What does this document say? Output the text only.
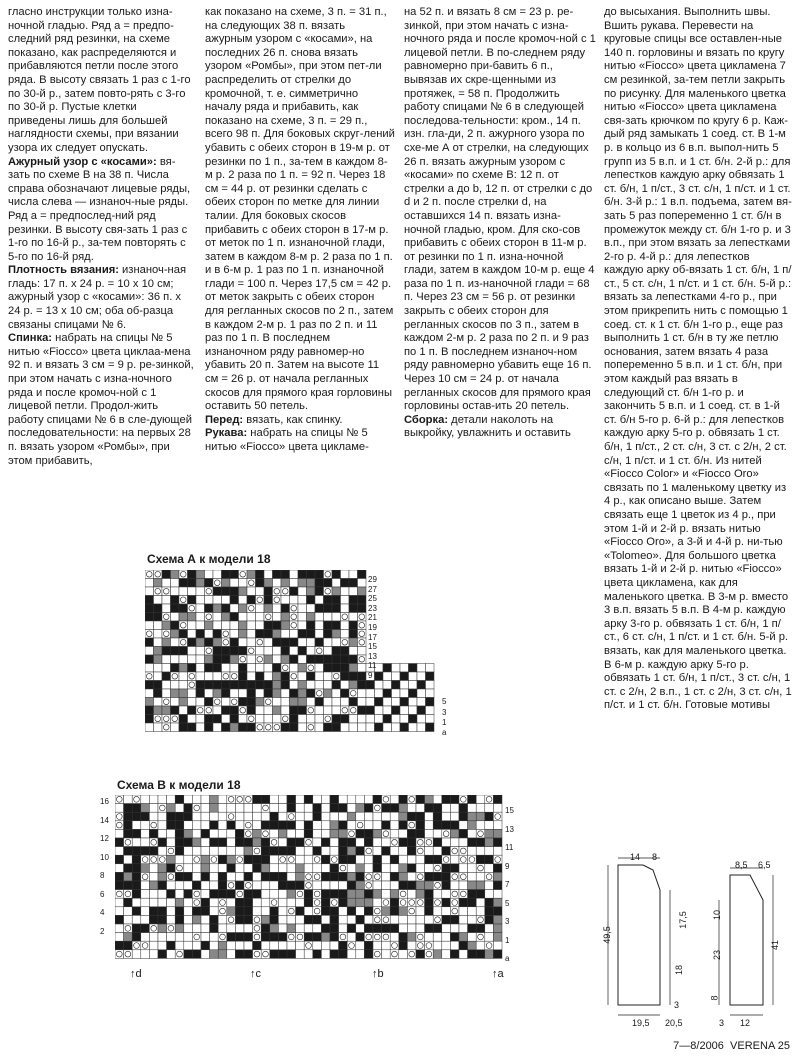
гласно инструкции только изна-ночной гладью. Ряд а = предпо-следний ряд резинки, на схеме показано, как распределяются и прибавляются петли после этого ряда. В высоту связать 1 раз с 1-го по 30-й р., затем повто-рять с 3-го по 30-й р. Пустые клетки приведены лишь для большей наглядности схемы, при вязании узора их следует опускать.

Ажурный узор с «косами»: вя-зать по схеме В на 38 п. Числа справа обозначают лицевые ряды, числа слева — изнаноч-ные ряды. Ряд а = предпослед-ний ряд резинки. В высоту свя-зать 1 раз с 1-го по 16-й р., за-тем повторять с 5-го по 16-й ряд.

Плотность вязания: изнаноч-ная гладь: 17 п. х 24 р. = 10 х 10 см; ажурный узор с «косами»: 36 п. х 24 р. = 13 х 10 см; оба об-разца связаны спицами № 6.

Спинка: набрать на спицы № 5 нитью «Fiocco» цвета циклаa-мена 92 п. и вязать 3 см = 9 р. ре-зинкой, при этом начать с изна-ночного ряда и после кромоч-ной с 1 лицевой петли. Продол-жить работу спицами № 6 в сле-дующей последовательности: на первых 28 п. вязать узором «Ромбы», при этом прибавить,

как показано на схеме, 3 п. = 31 п., на следующих 38 п. вязать ажурным узором с «косами», на последних 26 п. снова вязать узором «Ромбы», при этом пет-ли распределить от стрелки до кромочной, т. е. симметрично началу ряда и прибавить, как показано на схеме, 3 п. = 29 п., всего 98 п. Для боковых скруг-лений убавить с обеих сторон в 19-м р. от резинки по 1 п., за-тем в каждом 8-м р. 2 раза по 1 п. = 92 п. Через 18 см = 44 р. от резинки сделать с обеих сторон по метке для линии талии. Для боковых скосов прибавить с обеих сторон в 17-м р. от меток по 1 п. изнаночной глади, затем в каждом 8-м р. 2 раза по 1 п. и в 6-м р. 1 раз по 1 п. изнаночной глади = 100 п. Через 17,5 см = 42 р. от меток закрыть с обеих сторон для регланных скосов по 2 п., затем в каждом 2-м р. 1 раз по 2 п. и 11 раз по 1 п. В последнем изнаночном ряду равномер-но убавить 20 п. Затем на высоте 11 см = 26 р. от начала регланных скосов для прямого края горловины оставить 50 петель.

Перед: вязать, как спинку.

Рукава: набрать на спицы № 5 нитью «Fiocco» цвета цикламе-

на 52 п. и вязать 8 см = 23 р. ре-зинкой, при этом начать с изна-ночного ряда и после кромоч-ной с 1 лицевой петли. В по-следнем ряду равномерно при-бавить 6 п., вывязав их скре-щенными из протяжек, = 58 п. Продолжить работу спицами № 6 в следующей последова-тельности: кром., 14 п. изн. гла-ди, 2 п. ажурного узора по схе-ме А от стрелки, на следующих 26 п. вязать ажурным узором с «косами» по схеме В: 12 п. от стрелки а до b, 12 п. от стрелки с до d и 2 п. после стрелки d, на оставшихся 14 п. вязать изна-ночной гладью, кром. Для ско-сов прибавить с обеих сторон в 11-м р. от резинки по 1 п. изна-ночной глади, затем в каждом 10-м р. еще 4 раза по 1 п. из-наночной глади = 68 п. Через 23 см = 56 р. от резинки закрыть с обеих сторон для регланных скосов по 3 п., затем в каждом 2-м р. 2 раза по 2 п. и 9 раз по 1 п. В последнем изнаноч-ном ряду равномерно убавить еще 16 п. Через 10 см = 24 р. от начала регланных скосов для прямого края горловины остав-ить 20 петель.

Сборка: детали наколоть на выкройку, увлажнить и оставить

до высыхания. Выполнить швы. Вшить рукава. Перевести на круговые спицы все оставлен-ные 140 п. горловины и вязать по кругу нитью «Fiocco» цвета цикламена 7 см резинкой, за-тем петли закрыть по рисунку. Для маленького цветка нитью «Fiocco» цвета цикламена свя-зать крючком по кругу 6 р. Каж-дый ряд замыкать 1 соед. ст. В 1-м р. в кольцо из 6 в.п. выпол-нить 5 групп из 5 в.п. и 1 ст. б/н. 2-й р.: для лепестков каждую арку обвязать 1 ст. б/н, 1 п/ст., 3 ст. с/н, 1 п/ст. и 1 ст. б/н. 3-й р.: 1 в.п. подъема, затем вя-зать 5 раз попеременно 1 ст. б/н в промежуток между ст. б/н 1-го р. и 3 в.п., при этом вязать за лепестками 2-го р. 4-й р.: для лепестков каждую арку об-вязать 1 ст. б/н, 1 п/ст., 5 ст. с/н, 1 п/ст. и 1 ст. б/н. 5-й р.: вязать за лепестками 4-го р., при этом прикрепить нить с помощью 1 соед. ст. к 1 ст. б/н 1-го р., еще раз выполнить 1 ст. б/н в ту же петлю основания, затем вязать 4 раза попеременно 5 в.п. и 1 ст. б/н, при этом каждый раз вязать в следующий ст. б/н 1-го р. и закончить 5 в.п. и 1 соед. ст. в 1-й ст. б/н 5-го р. 6-й р.: для лепестков каждую арку 5-го р. обвязать 1 ст. б/н, 1 п/ст., 2 ст. с/н, 3 ст. с 2/н, 2 ст. с/н, 1 п/ст. и 1 ст. б/н. Из нитей «Fiocco Color» и «Fiocco Oro» связать по 1 маленькому цветку из 4 р., как описано выше. Затем связать еще 1 цветок из 4 р., при этом 1-й и 2-й р. вязать нитью «Fiocco Oro», а 3-й и 4-й р. ни-тью «Tolomeo». Для большого цветка вязать 1-й и 2-й р. нитью «Fiocco» цвета цикламена, как для маленького цветка. В 3-м р. вместо 3 в.п. вязать 5 в.п. В 4-м р. каждую арку 3-го р. обвязать 1 ст. б/н, 1 п/ст., 6 ст. с/н, 1 п/ст. и 1 ст. б/н. 5-й р. вязать, как для маленького цветка. В 6-м р. каждую арку 5-го р. обвязать 1 ст. б/н, 1 п/ст., 3 ст. с/н, 1 ст. с 2/н, 2 в.п., 1 ст. с 2/н, 3 ст. с/н, 1 п/ст. и 1 ст. б/н. Готовые мотивы

Схема А к модели 18
29
27
25
23
21
19
17
15
13
11
9
7
5
3
1
a
Схема В к модели 18
16
14
12
10
8
6
4
2
15
13
11
9
7
5
3
1
a
↑d	↑c	↑b	↑a
14 8
49,5
17,5
18
3
19,5 20,5
8,5 6,5
41
10
23
8
3 12
7—8/2006 VERENA 25
